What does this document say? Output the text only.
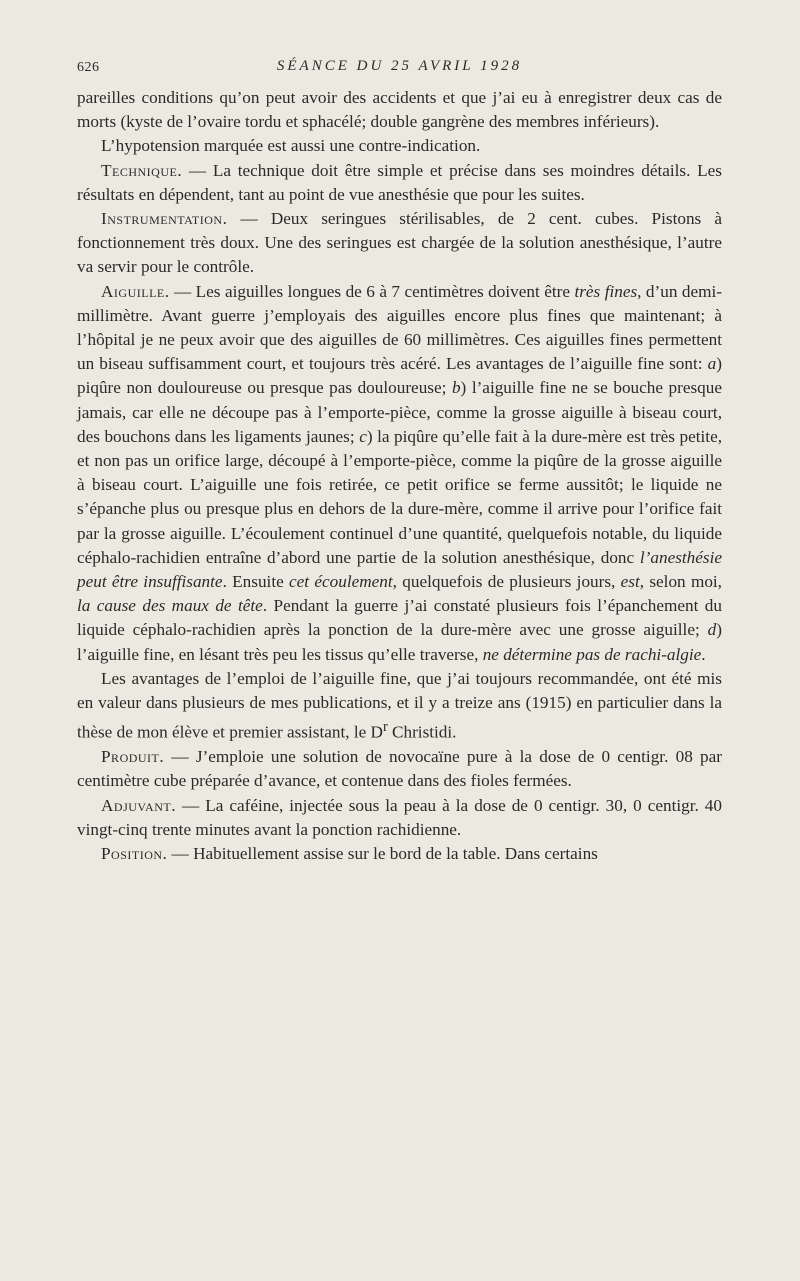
626	SÉANCE DU 25 AVRIL 1928

pareilles conditions qu’on peut avoir des accidents et que j’ai eu à enregistrer deux cas de morts (kyste de l’ovaire tordu et sphacélé; double gangrène des membres inférieurs).

L’hypotension marquée est aussi une contre-indication.

Technique. — La technique doit être simple et précise dans ses moindres détails. Les résultats en dépendent, tant au point de vue anesthésie que pour les suites.

Instrumentation. — Deux seringues stérilisables, de 2 cent. cubes. Pistons à fonctionnement très doux. Une des seringues est chargée de la solution anesthésique, l’autre va servir pour le contrôle.

Aiguille. — Les aiguilles longues de 6 à 7 centimètres doivent être très fines, d’un demi-millimètre. Avant guerre j’employais des aiguilles encore plus fines que maintenant; à l’hôpital je ne peux avoir que des aiguilles de 60 millimètres. Ces aiguilles fines permettent un biseau suffisamment court, et toujours très acéré. Les avantages de l’aiguille fine sont: a) piqûre non douloureuse ou presque pas douloureuse; b) l’aiguille fine ne se bouche presque jamais, car elle ne découpe pas à l’emporte-pièce, comme la grosse aiguille à biseau court, des bouchons dans les ligaments jaunes; c) la piqûre qu’elle fait à la dure-mère est très petite, et non pas un orifice large, découpé à l’emporte-pièce, comme la piqûre de la grosse aiguille à biseau court. L’aiguille une fois retirée, ce petit orifice se ferme aussitôt; le liquide ne s’épanche plus ou presque plus en dehors de la dure-mère, comme il arrive pour l’orifice fait par la grosse aiguille. L’écoulement continuel d’une quantité, quelquefois notable, du liquide céphalo-rachidien entraîne d’abord une partie de la solution anesthésique, donc l’anesthésie peut être insuffisante. Ensuite cet écoulement, quelquefois de plusieurs jours, est, selon moi, la cause des maux de tête. Pendant la guerre j’ai constaté plusieurs fois l’épanchement du liquide céphalo-rachidien après la ponction de la dure-mère avec une grosse aiguille; d) l’aiguille fine, en lésant très peu les tissus qu’elle traverse, ne détermine pas de rachi-algie.

Les avantages de l’emploi de l’aiguille fine, que j’ai toujours recommandée, ont été mis en valeur dans plusieurs de mes publications, et il y a treize ans (1915) en particulier dans la thèse de mon élève et premier assistant, le $D^r$ Christidi.

Produit. — J’emploie une solution de novocaïne pure à la dose de 0 centigr. 08 par centimètre cube préparée d’avance, et contenue dans des fioles fermées.

Adjuvant. — La caféine, injectée sous la peau à la dose de 0 centigr. 30, 0 centigr. 40 vingt-cinq trente minutes avant la ponction rachidienne.

Position. — Habituellement assise sur le bord de la table. Dans certains
